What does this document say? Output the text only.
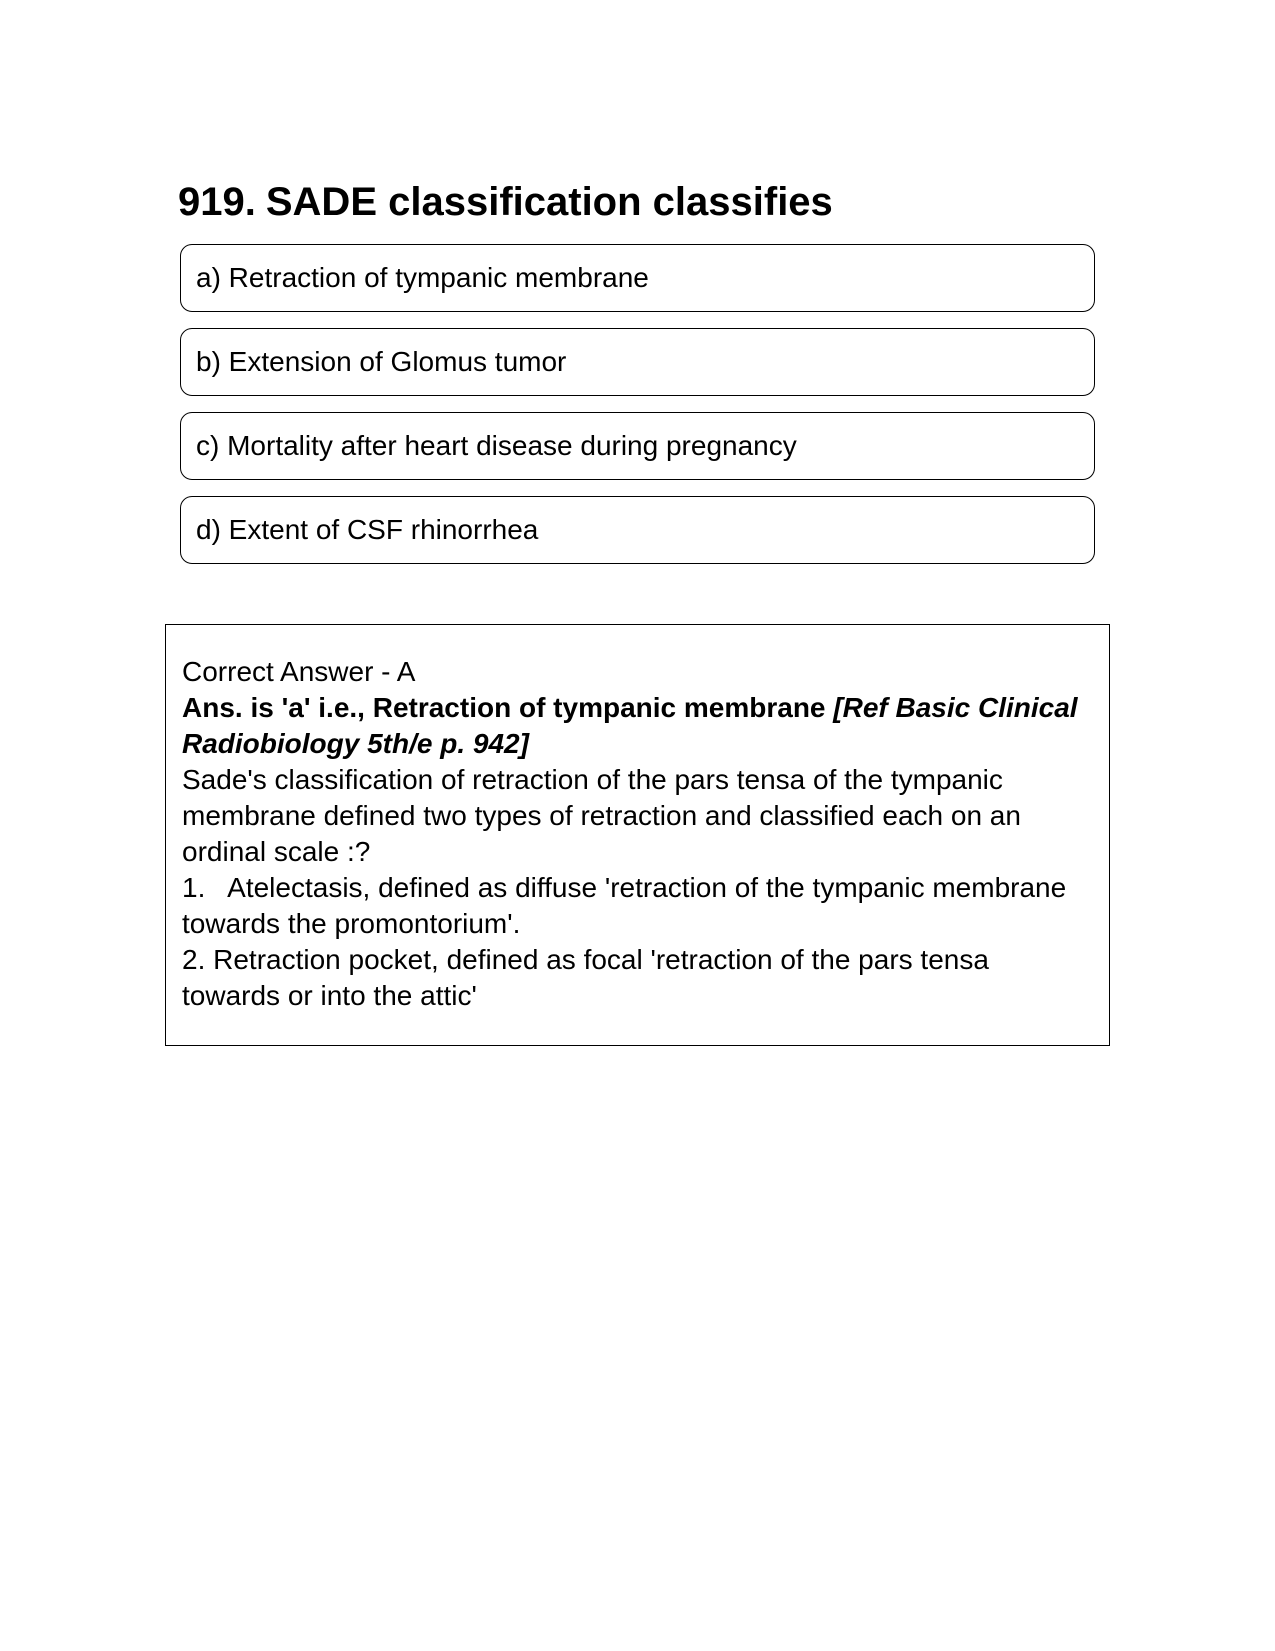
919. SADE classification classifies
a) Retraction of tympanic membrane
b) Extension of Glomus tumor
c) Mortality after heart disease during pregnancy
d) Extent of CSF rhinorrhea

Correct Answer - A

Ans. is 'a' i.e., Retraction of tympanic membrane [Ref Basic Clinical Radiobiology 5th/e p. 942]

Sade's classification of retraction of the pars tensa of the tympanic membrane defined two types of retraction and classified each on an ordinal scale :?

1.   Atelectasis, defined as diffuse 'retraction of the tympanic membrane towards the promontorium'.

2. Retraction pocket, defined as focal 'retraction of the pars tensa towards or into the attic'
